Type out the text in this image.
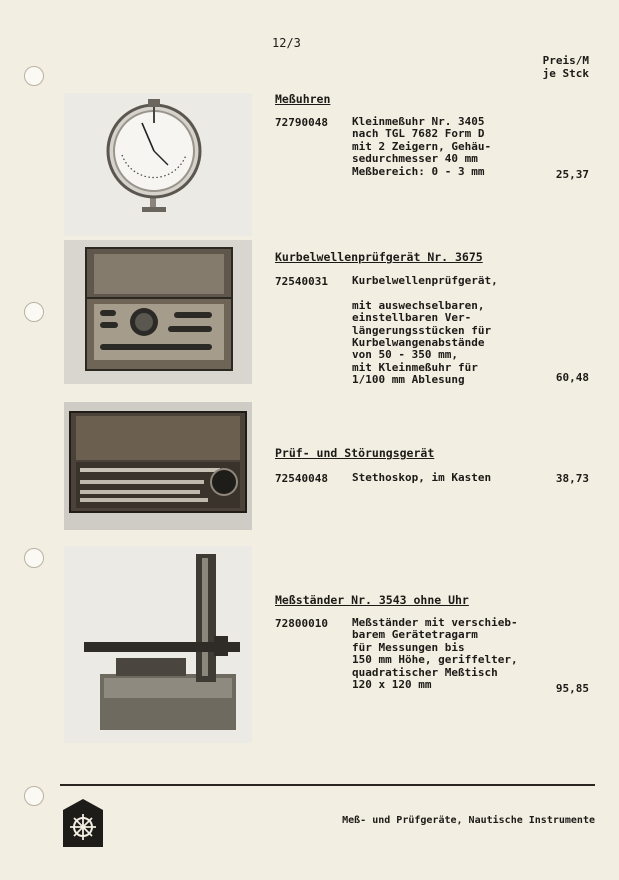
12/3
Preis/M
je Stck
Meßuhren
72790048 Kleinmeßuhr Nr. 3405
nach TGL 7682 Form D
mit 2 Zeigern, Gehäu-
sedurchmesser 40 mm
Meßbereich: 0 - 3 mm	25,37
Kurbelwellenprüfgerät Nr. 3675
72540031 Kurbelwellenprüfgerät,

mit auswechselbaren,
einstellbaren Ver-
längerungsstücken für
Kurbelwangenabstände
von 50 - 350 mm,
mit Kleinmeßuhr für
1/100 mm Ablesung	60,48
Prüf- und Störungsgerät
72540048 Stethoskop, im Kasten	38,73
Meßständer Nr. 3543 ohne Uhr
72800010 Meßständer mit verschieb-
barem Gerätetragarm
für Messungen bis
150 mm Höhe, geriffelter,
quadratischer Meßtisch
120 x 120 mm	95,85
Meß- und Prüfgeräte, Nautische Instrumente
